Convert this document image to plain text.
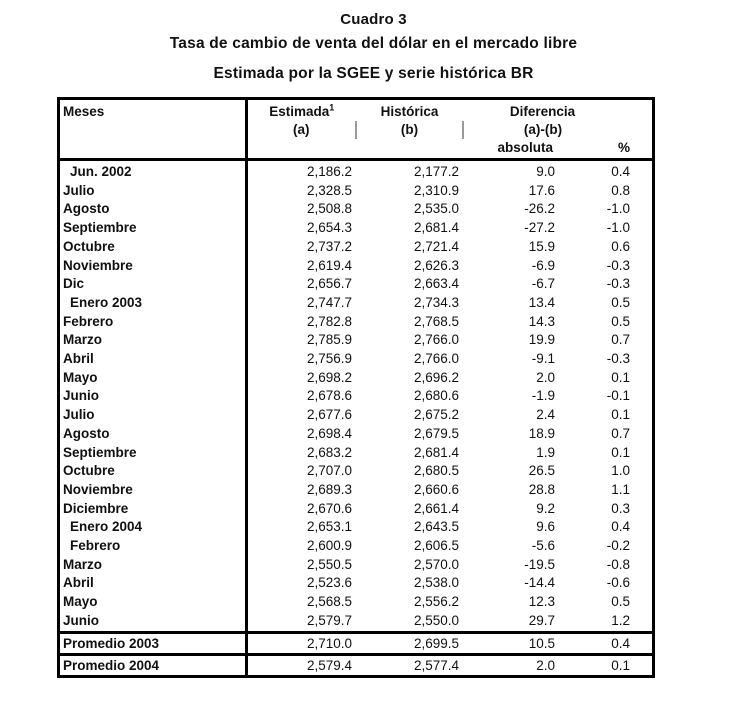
Cuadro 3
Tasa de cambio de venta del dólar en el mercado libre
Estimada por la SGEE y serie histórica BR
Meses	Estimada$^1$	Histórica	Diferencia	
	(a)	(b)	(a)-(b)	
			absoluta	%
Jun. 2002	2,186.2	2,177.2	9.0	0.4
Julio	2,328.5	2,310.9	17.6	0.8
Agosto	2,508.8	2,535.0	-26.2	-1.0
Septiembre	2,654.3	2,681.4	-27.2	-1.0
Octubre	2,737.2	2,721.4	15.9	0.6
Noviembre	2,619.4	2,626.3	-6.9	-0.3
Dic	2,656.7	2,663.4	-6.7	-0.3
Enero 2003	2,747.7	2,734.3	13.4	0.5
Febrero	2,782.8	2,768.5	14.3	0.5
Marzo	2,785.9	2,766.0	19.9	0.7
Abril	2,756.9	2,766.0	-9.1	-0.3
Mayo	2,698.2	2,696.2	2.0	0.1
Junio	2,678.6	2,680.6	-1.9	-0.1
Julio	2,677.6	2,675.2	2.4	0.1
Agosto	2,698.4	2,679.5	18.9	0.7
Septiembre	2,683.2	2,681.4	1.9	0.1
Octubre	2,707.0	2,680.5	26.5	1.0
Noviembre	2,689.3	2,660.6	28.8	1.1
Diciembre	2,670.6	2,661.4	9.2	0.3
Enero 2004	2,653.1	2,643.5	9.6	0.4
Febrero	2,600.9	2,606.5	-5.6	-0.2
Marzo	2,550.5	2,570.0	-19.5	-0.8
Abril	2,523.6	2,538.0	-14.4	-0.6
Mayo	2,568.5	2,556.2	12.3	0.5
Junio	2,579.7	2,550.0	29.7	1.2
Promedio 2003	2,710.0	2,699.5	10.5	0.4
Promedio 2004	2,579.4	2,577.4	2.0	0.1
